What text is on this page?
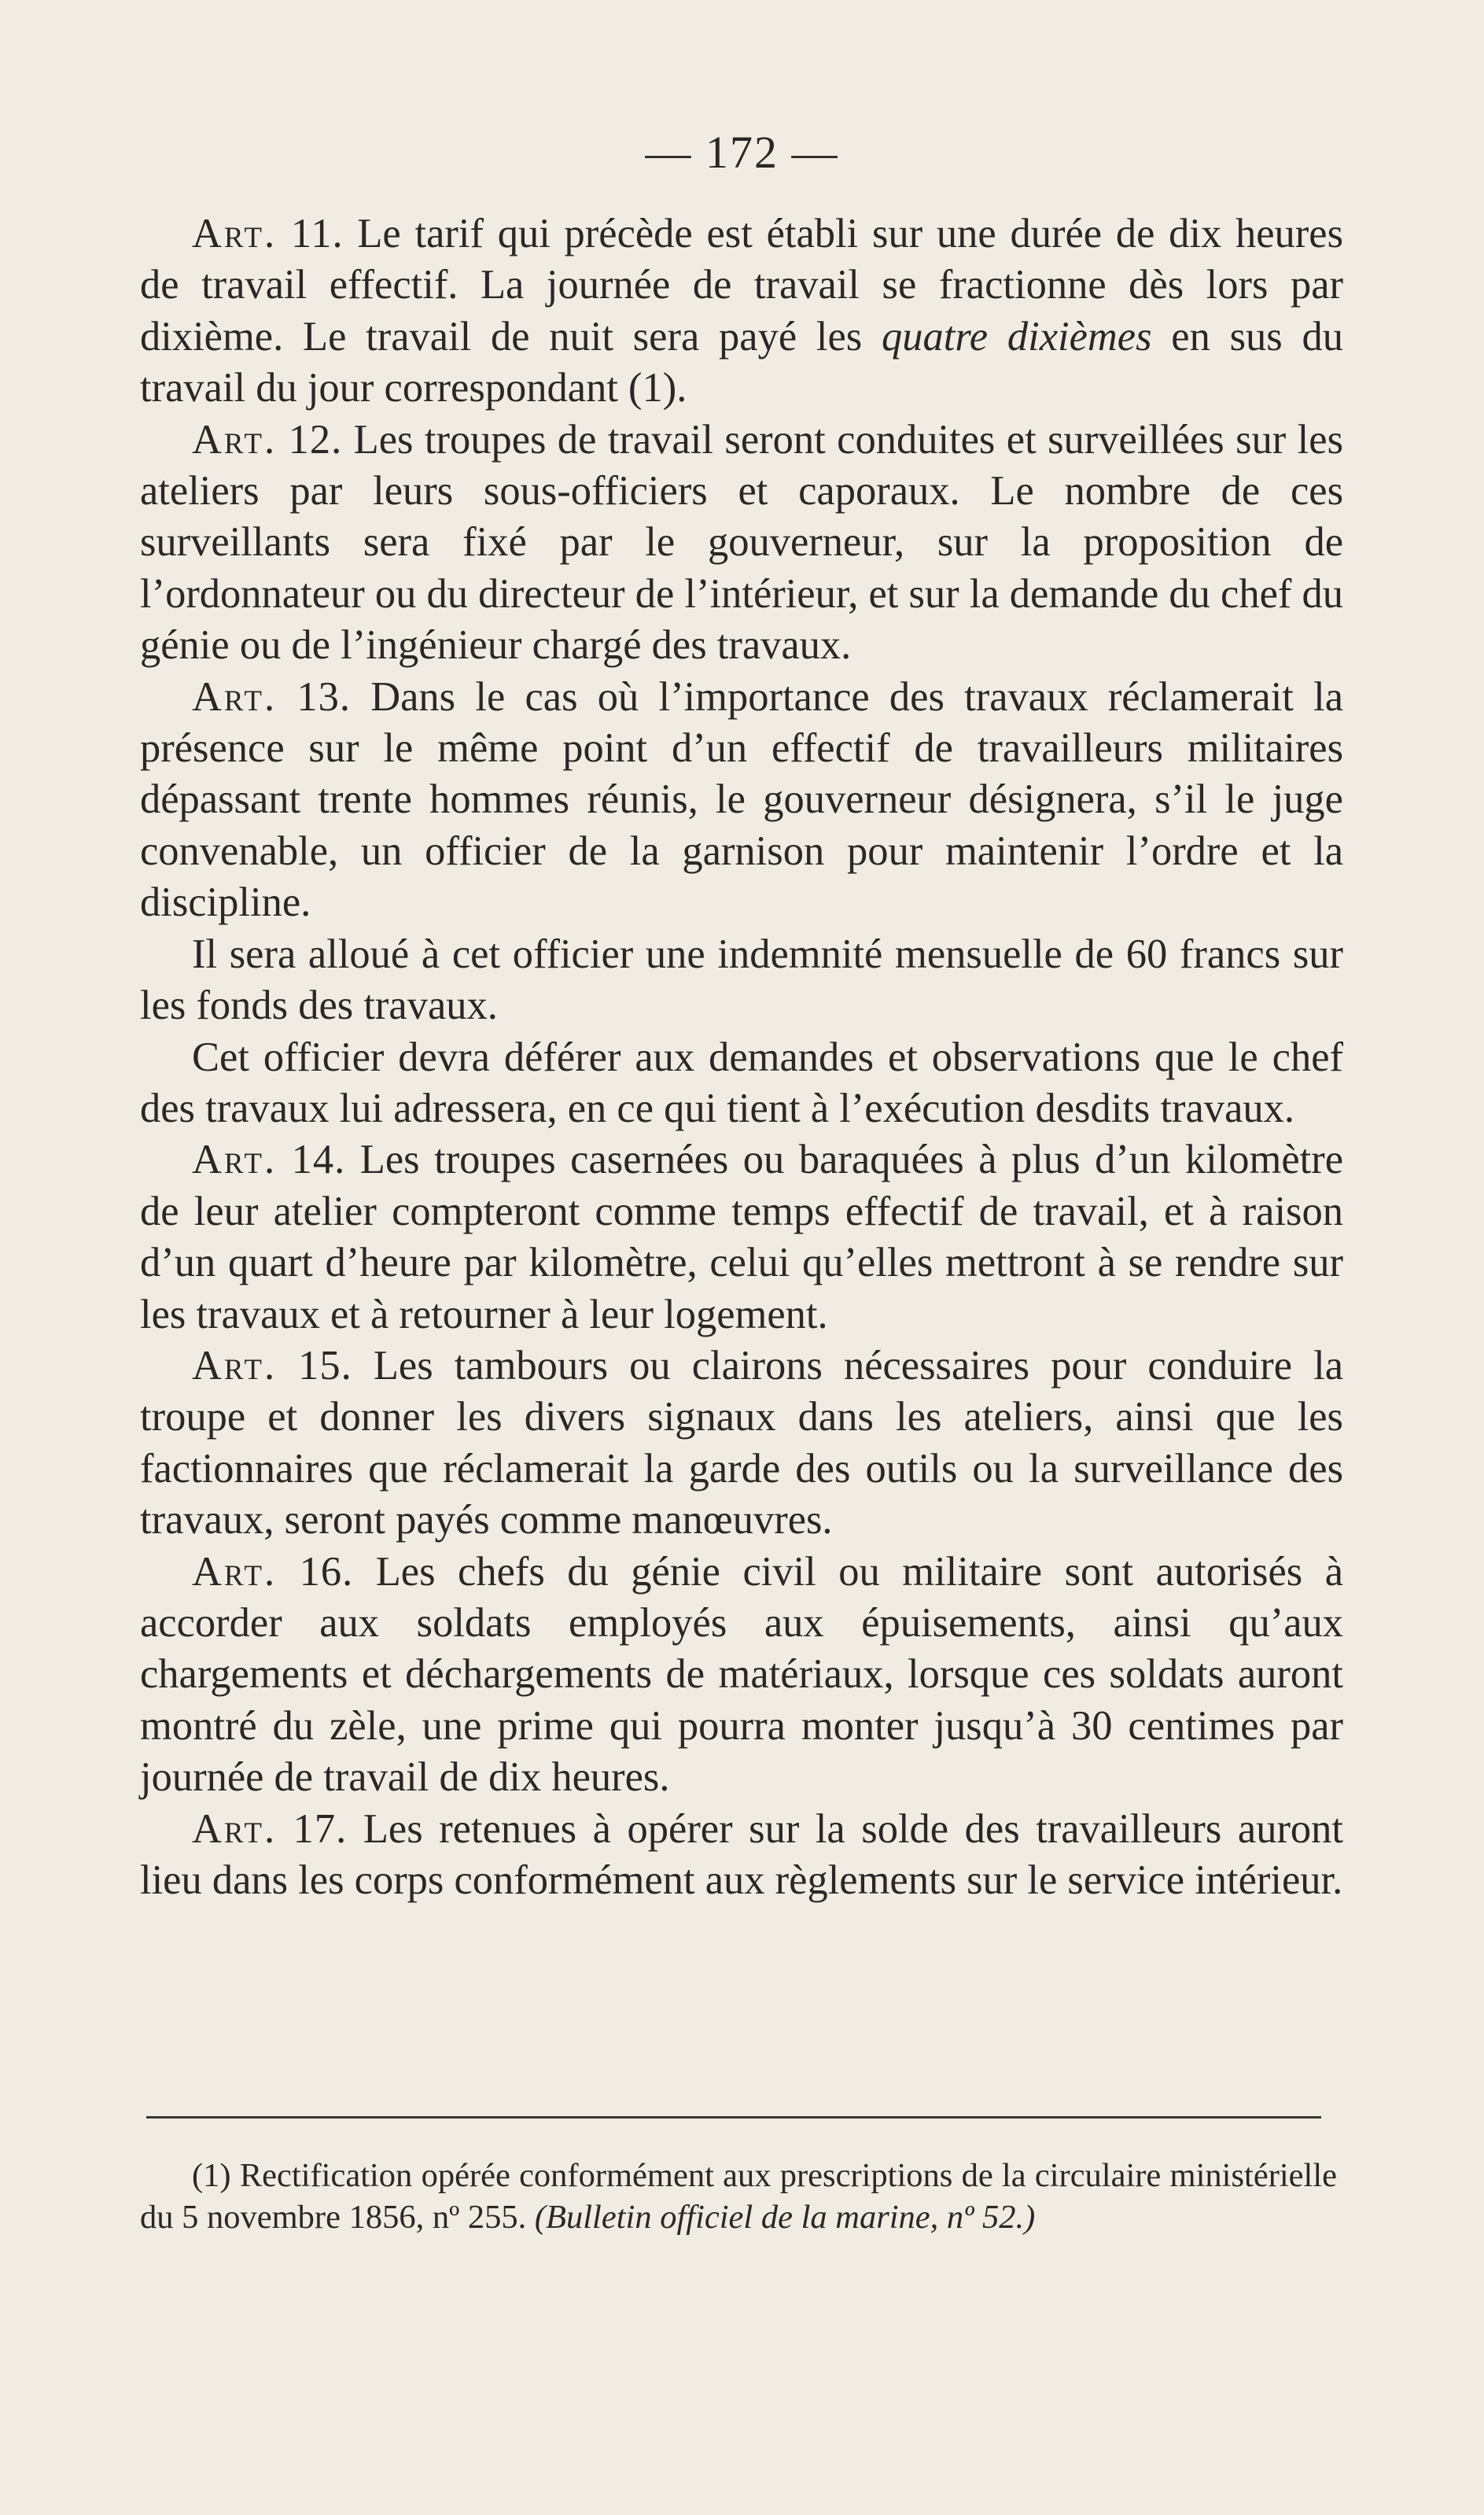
— 172 —

Art. 11. Le tarif qui précède est établi sur une durée de dix heures de travail effectif. La journée de travail se fractionne dès lors par dixième. Le travail de nuit sera payé les quatre dixièmes en sus du travail du jour correspondant (1).

Art. 12. Les troupes de travail seront conduites et surveillées sur les ateliers par leurs sous-officiers et caporaux. Le nombre de ces surveillants sera fixé par le gouverneur, sur la proposition de l’ordonnateur ou du directeur de l’intérieur, et sur la demande du chef du génie ou de l’ingénieur chargé des travaux.

Art. 13. Dans le cas où l’importance des travaux réclamerait la présence sur le même point d’un effectif de travailleurs militaires dépassant trente hommes réunis, le gouverneur désignera, s’il le juge convenable, un officier de la garnison pour maintenir l’ordre et la discipline.

Il sera alloué à cet officier une indemnité mensuelle de 60 francs sur les fonds des travaux.

Cet officier devra déférer aux demandes et observations que le chef des travaux lui adressera, en ce qui tient à l’exécution desdits travaux.

Art. 14. Les troupes casernées ou baraquées à plus d’un kilomètre de leur atelier compteront comme temps effectif de travail, et à raison d’un quart d’heure par kilomètre, celui qu’elles mettront à se rendre sur les travaux et à retourner à leur logement.

Art. 15. Les tambours ou clairons nécessaires pour conduire la troupe et donner les divers signaux dans les ateliers, ainsi que les factionnaires que réclamerait la garde des outils ou la surveillance des travaux, seront payés comme manœuvres.

Art. 16. Les chefs du génie civil ou militaire sont autorisés à accorder aux soldats employés aux épuisements, ainsi qu’aux chargements et déchargements de matériaux, lorsque ces soldats auront montré du zèle, une prime qui pourra monter jusqu’à 30 centimes par journée de travail de dix heures.

Art. 17. Les retenues à opérer sur la solde des travailleurs auront lieu dans les corps conformément aux règlements sur le service intérieur.

(1) Rectification opérée conformément aux prescriptions de la circulaire ministérielle du 5 novembre 1856, nº 255. (Bulletin officiel de la marine, nº 52.)
